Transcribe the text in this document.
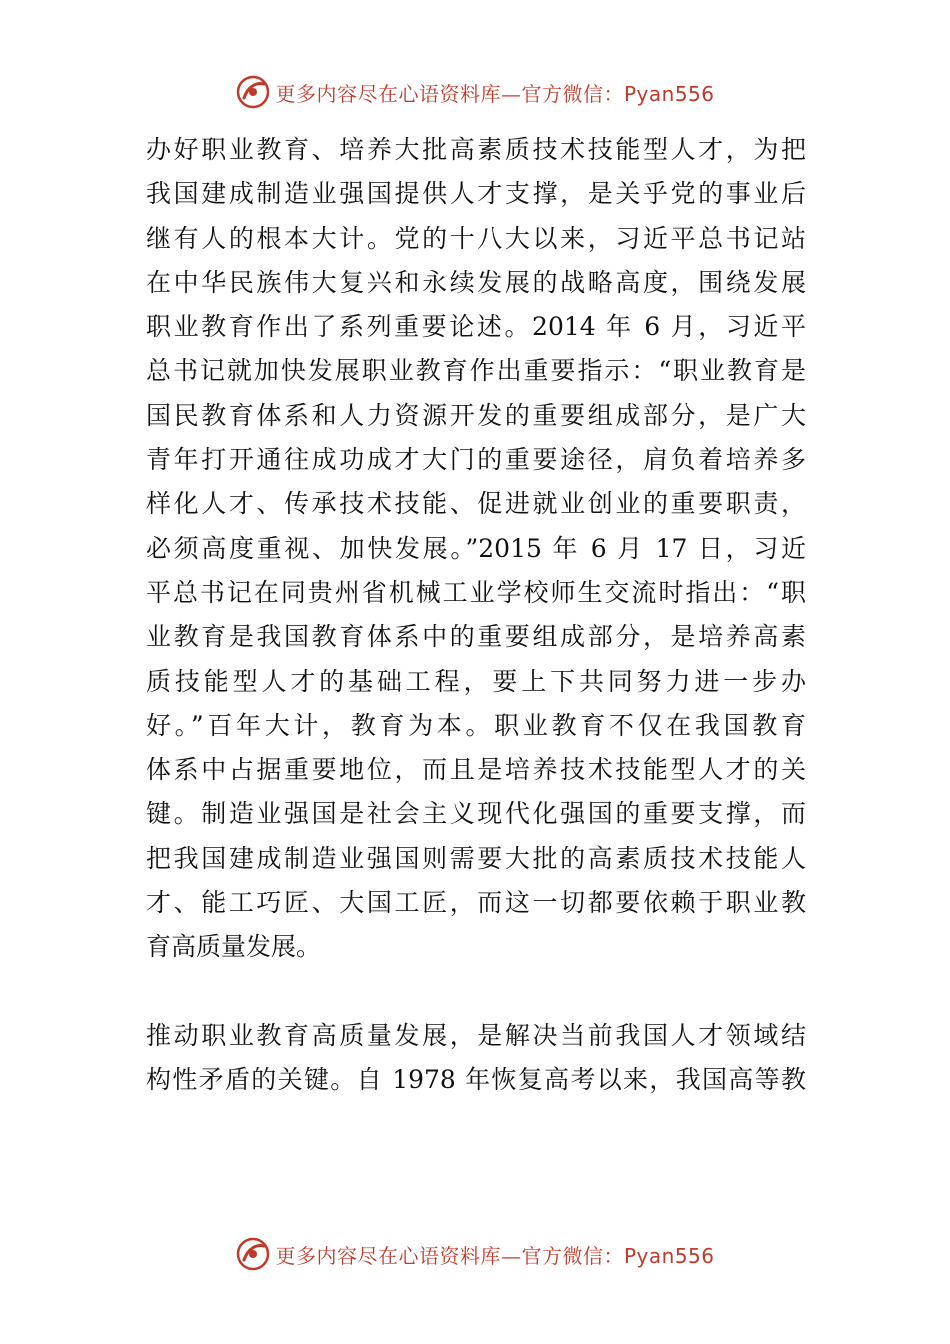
更多内容尽在心语资料库—官方微信：Pyan556

办好职业教育、培养大批高素质技术技能型人才，为把
我国建成制造业强国提供人才支撑，是关乎党的事业后
继有人的根本大计。党的十八大以来，习近平总书记站
在中华民族伟大复兴和永续发展的战略高度，围绕发展
职业教育作出了系列重要论述。2014 年 6 月，习近平
总书记就加快发展职业教育作出重要指示：“职业教育是
国民教育体系和人力资源开发的重要组成部分，是广大
青年打开通往成功成才大门的重要途径，肩负着培养多
样化人才、传承技术技能、促进就业创业的重要职责，
必须高度重视、加快发展。”2015 年 6 月 17 日，习近
平总书记在同贵州省机械工业学校师生交流时指出：“职
业教育是我国教育体系中的重要组成部分，是培养高素
质技能型人才的基础工程，要上下共同努力进一步办
好。”百年大计，教育为本。职业教育不仅在我国教育
体系中占据重要地位，而且是培养技术技能型人才的关
键。制造业强国是社会主义现代化强国的重要支撑，而
把我国建成制造业强国则需要大批的高素质技术技能人
才、能工巧匠、大国工匠，而这一切都要依赖于职业教
育高质量发展。

推动职业教育高质量发展，是解决当前我国人才领域结
构性矛盾的关键。自 1978 年恢复高考以来，我国高等教

更多内容尽在心语资料库—官方微信：Pyan556
